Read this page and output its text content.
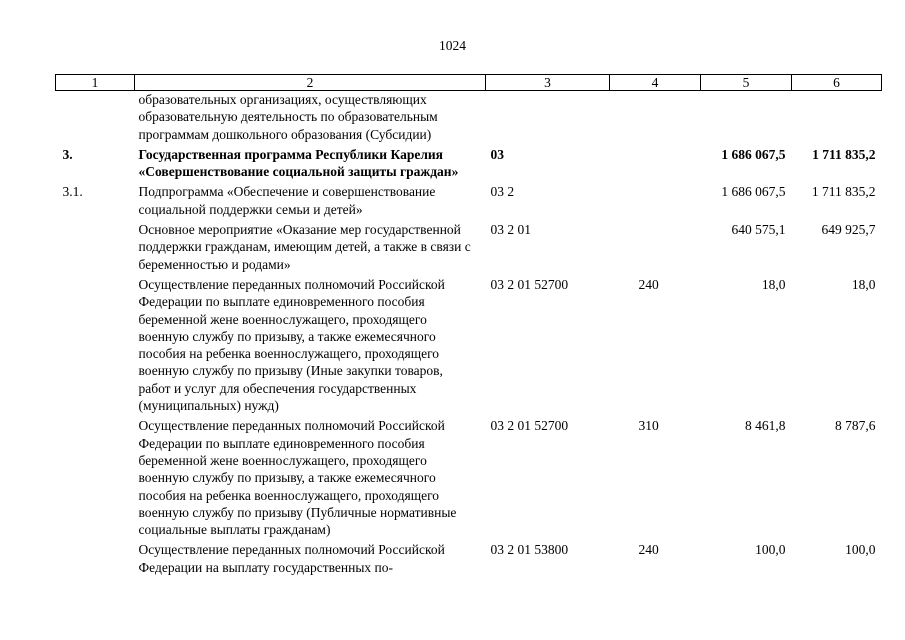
1024
1	2	3	4	5	6
	образовательных организациях, осуществляющих образовательную деятельность по образовательным программам дошкольного образования (Субсидии)				
3.	Государственная программа Республики Карелия «Совершенствование социальной защиты граждан»	03		1 686 067,5	1 711 835,2
3.1.	Подпрограмма «Обеспечение и совершенствование социальной поддержки семьи и детей»	03 2		1 686 067,5	1 711 835,2
	Основное мероприятие «Оказание мер государственной поддержки гражданам, имеющим детей, а также в связи с беременностью и родами»	03 2 01		640 575,1	649 925,7
	Осуществление переданных полномочий Российской Федерации по выплате единовременного пособия беременной жене военнослужащего, проходящего военную службу по призыву, а также ежемесячного пособия на ребенка военнослужащего, проходящего военную службу по призыву (Иные закупки товаров, работ и услуг для обеспечения государственных (муниципальных) нужд)	03 2 01 52700	240	18,0	18,0
	Осуществление переданных полномочий Российской Федерации по выплате единовременного пособия беременной жене военнослужащего, проходящего военную службу по призыву, а также ежемесячного пособия на ребенка военнослужащего, проходящего военную службу по призыву (Публичные нормативные социальные выплаты гражданам)	03 2 01 52700	310	8 461,8	8 787,6
	Осуществление переданных полномочий Российской Федерации на выплату государственных по-	03 2 01 53800	240	100,0	100,0
